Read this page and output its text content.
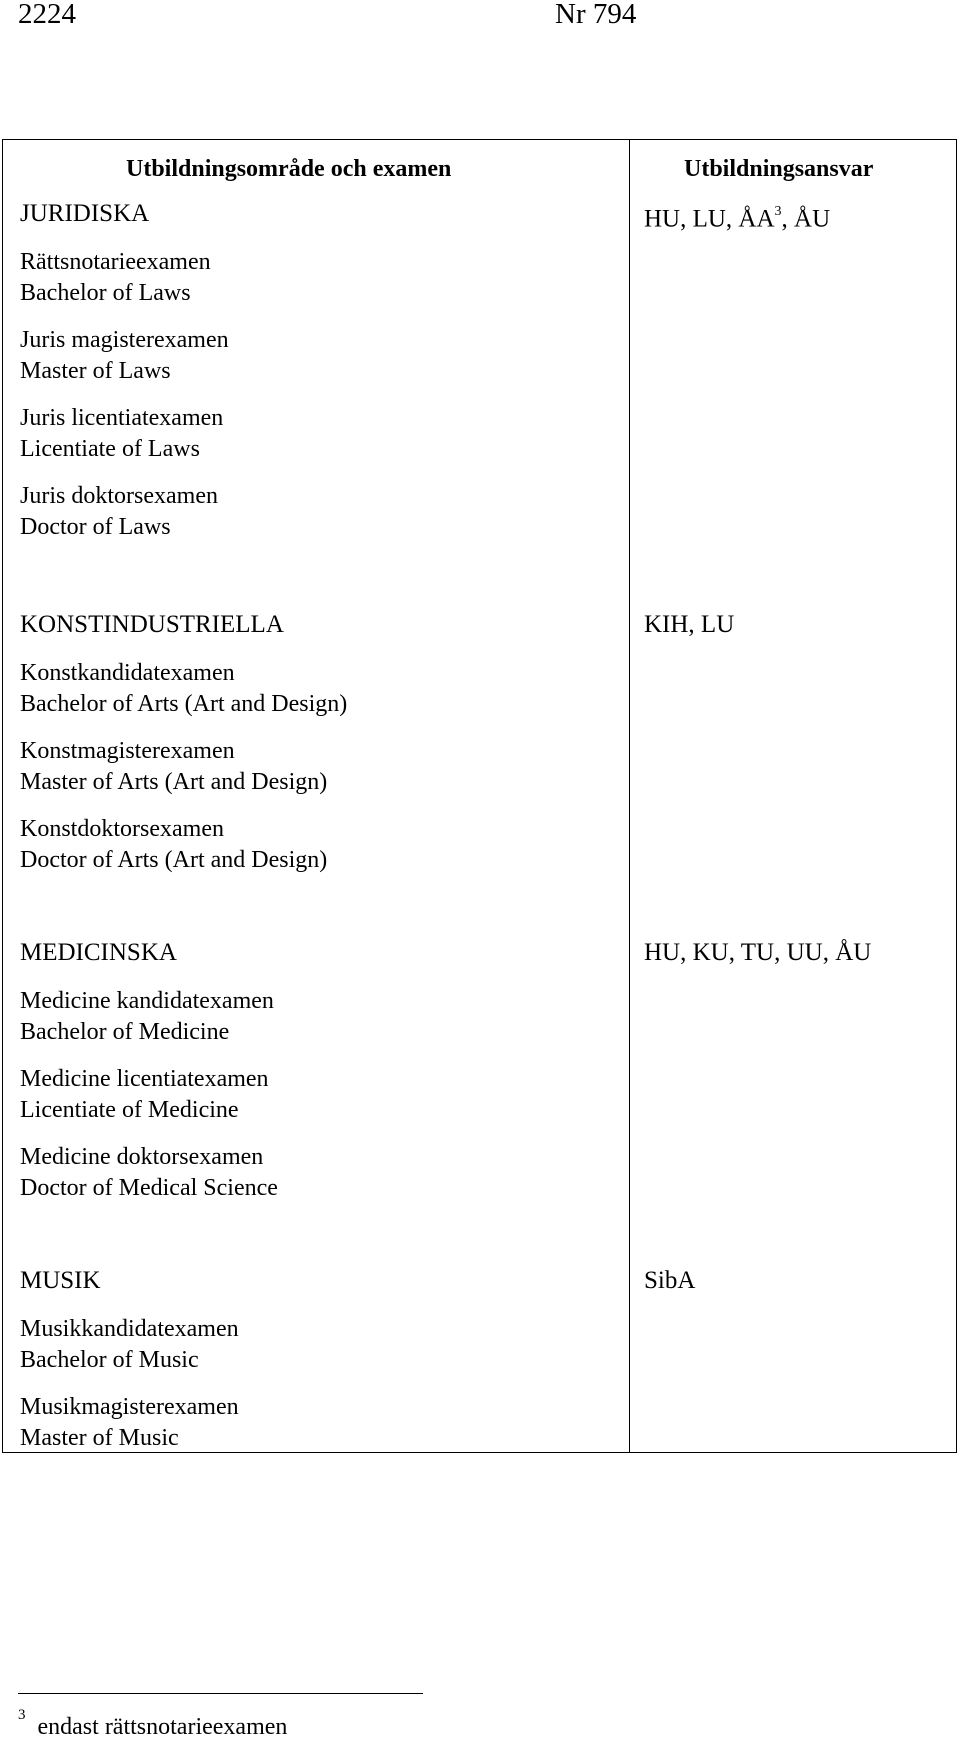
2224	Nr 794
Utbildningsområde och examen	Utbildningsansvar
JURIDISKA	HU, LU, $ÅA^3$, ÅU
Rättsnotarieexamen
Bachelor of Laws
Juris magisterexamen
Master of Laws
Juris licentiatexamen
Licentiate of Laws
Juris doktorsexamen
Doctor of Laws
KONSTINDUSTRIELLA	KIH, LU
Konstkandidatexamen
Bachelor of Arts (Art and Design)
Konstmagisterexamen
Master of Arts (Art and Design)
Konstdoktorsexamen
Doctor of Arts (Art and Design)
MEDICINSKA	HU, KU, TU, UU, ÅU
Medicine kandidatexamen
Bachelor of Medicine
Medicine licentiatexamen
Licentiate of Medicine
Medicine doktorsexamen
Doctor of Medical Science
MUSIK	SibA
Musikkandidatexamen
Bachelor of Music
Musikmagisterexamen
Master of Music
$^3$ endast rättsnotarieexamen
